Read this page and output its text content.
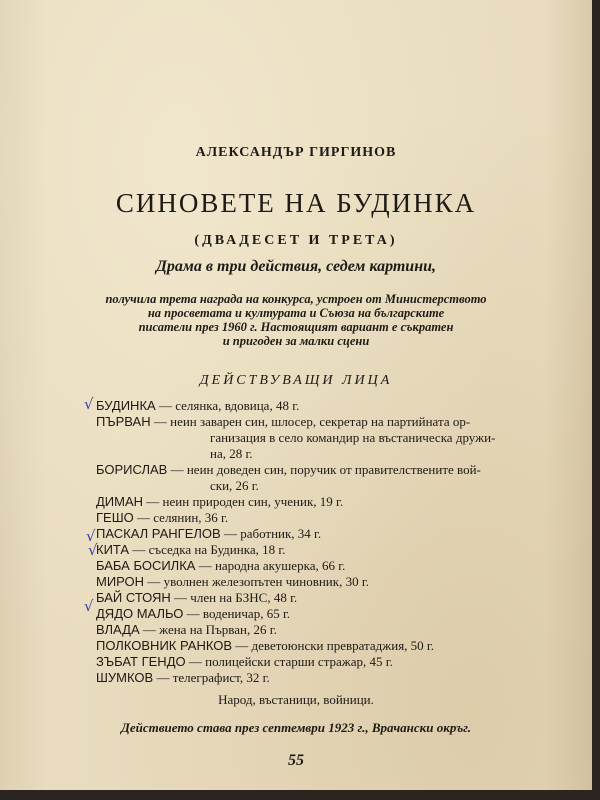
АЛЕКСАНДЪР ГИРГИНОВ
СИНОВЕТЕ НА БУДИНКА
(ДВАДЕСЕТ И ТРЕТА)
Драма в три действия, седем картини,
получила трета награда на конкурса, устроен от Министерството
на просветата и културата и Съюза на българските
писатели през 1960 г. Настоящият вариант е съкратен
и пригоден за малки сцени
ДЕЙСТВУВАЩИ ЛИЦА
√
√
√
√
БУДИНКА — селянка, вдовица, 48 г.
ПЪРВАН — неин заварен син, шлосер, секретар на партийната ор-
ганизация в село командир на въстаническа дружи-
на, 28 г.
БОРИСЛАВ — неин доведен син, поручик от правителствените вой-
ски, 26 г.
ДИМАН — неин природен син, ученик, 19 г.
ГЕШО — селянин, 36 г.
ПАСКАЛ РАНГЕЛОВ — работник, 34 г.
КИТА — съседка на Будинка, 18 г.
БАБА БОСИЛКА — народна акушерка, 66 г.
МИРОН — уволнен железопътен чиновник, 30 г.
БАЙ СТОЯН — член на БЗНС, 48 г.
ДЯДО МАЛЬО — воденичар, 65 г.
ВЛАДА — жена на Първан, 26 г.
ПОЛКОВНИК РАНКОВ — деветоюнски превратаджия, 50 г.
ЗЪБАТ ГЕНДО — полицейски старши стражар, 45 г.
ШУМКОВ — телеграфист, 32 г.
Народ, въстаници, войници.
Действието става през септември 1923 г., Врачански окръг.
55
